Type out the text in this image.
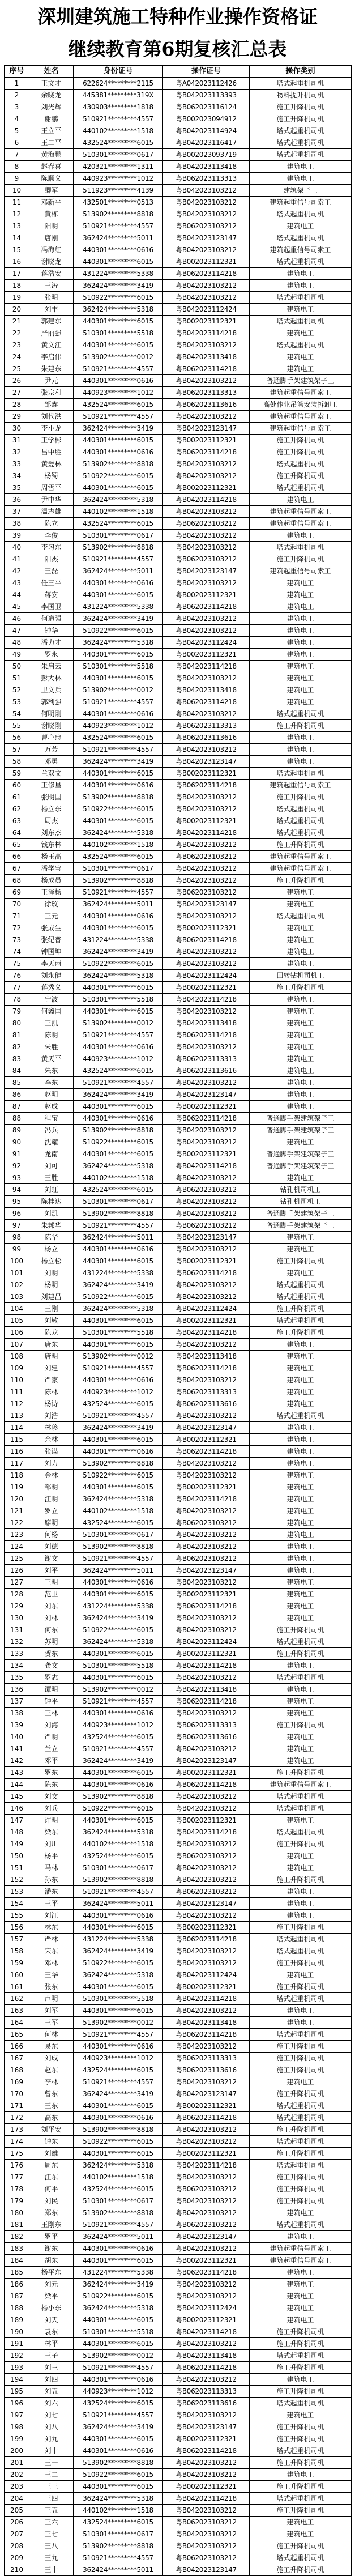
深圳建筑施工特种作业操作资格证
继续教育第6期复核汇总表
序号	姓名	身份证号	操作证号	操作类别
1	王文才	622624*********2115	粤A042023112426	塔式起重机司机
2	余晓龙	445381*********319X	粤B042023113393	物料提升机司机
3	刘光辉	430903*********1818	粤B062023116124	施工升降机司机
4	谢鹏	510921*********4557	粤B002023094912	施工升降机司机
5	王立平	440102*********1518	粤B042023114924	塔式起重机司机
6	王二平	432524*********6015	粤B042023116417	塔式起重机司机
7	黄海鹏	510301*********0617	粤B002023093719	塔式起重机司机
8	赵春喜	420321*********1311	粤B042023113418	建筑电工
9	陈顺义	440923*********1012	粤B062023113313	建筑电工
10	卿军	511923*********4139	粤B042023103212	建筑架子工
11	邓新平	432501*********0513	粤B042023103212	建筑起重信号司索工
12	黄栋	513902*********8818	粤B042023103212	塔式起重机司机
13	阳明	510921*********4557	粤B062023103212	建筑电工
14	唐刚	362424*********5011	粤B042023123147	塔式起重机司机
15	冯海红	440301*********0616	粤B042023103212	建筑起重信号司索工
16	谢晓龙	440301*********6015	粤B002023112321	塔式起重机司机
17	蒋浩安	431224*********5338	粤B062023114218	建筑电工
18	王涛	362424*********3419	粤B042023103212	建筑电工
19	张明	510922*********6015	粤B042023103212	塔式起重机司机
20	刘丰	362424*********5318	粤B042023112424	建筑电工
21	郭建东	440301*********6015	粤B002023112321	塔式起重机司机
22	严丽强	510301*********5518	粤B042023114218	建筑电工
23	黄文江	440301*********6015	粤B042023103212	塔式起重机司机
24	李启伟	513902*********0012	粤B042023113418	建筑电工
25	朱建东	510921*********4557	粤B062023114218	建筑电工
26	尹元	440301*********0616	粤B042023103212	普通脚手架建筑架子工
27	张宗利	440923*********1012	粤B062023113313	建筑起重信号司索工
28	邹鑫	432524*********6015	粤B062023113616	高处作业吊篮安装拆卸工
29	刘代洪	510921*********4557	粤B042023103212	建筑起重信号司索工
30	李小龙	362424*********3419	粤B042023123147	建筑起重信号司索工
31	王学彬	440301*********6015	粤B002023112321	施工升降机司机
32	吕中胜	440301*********0616	粤B062023114218	施工升降机司机
33	黄爱林	513902*********8818	粤B042023103212	塔式起重机司机
34	杨蜀	510922*********6015	粤B042023103212	施工升降机司机
35	周雪平	440301*********6015	粤B002023112321	塔式起重机司机
36	尹中华	362424*********5318	粤B042023114218	建筑电工
37	温志雄	440102*********1518	粤B042023103212	建筑起重信号司索工
38	陈立	432524*********6015	粤B062023103212	建筑起重信号司索工
39	李俊	510301*********0617	粤B042023103212	建筑电工
40	李习东	513902*********8818	粤B042023103212	塔式起重机司机
41	阳杰	510921*********4557	粤B062023103212	施工升降机司机
42	王磊	362424*********5011	粤B042023123147	建筑起重信号司索工
43	任三平	440301*********0616	粤B042023103212	建筑电工
44	蒋安	440301*********6015	粤B002023112321	建筑电工
45	李国卫	431224*********5338	粤B062023114218	建筑电工
46	何道强	362424*********3419	粤B042023103212	建筑电工
47	钟华	510922*********6015	粤B042023103212	建筑电工
48	潘力才	362424*********5318	粤B042023112424	建筑电工
49	罗永	440301*********6015	粤B002023112321	建筑电工
50	朱启云	510301*********5518	粤B042023114218	建筑电工
51	彭大林	440301*********6015	粤B042023103212	建筑电工
52	卫文兵	513902*********0012	粤B042023113418	建筑电工
53	郭利强	510921*********4557	粤B062023114218	建筑电工
54	何明刚	440301*********0616	粤B042023103212	塔式起重机司机
55	谢晓刚	440923*********1012	粤B062023113313	施工升降机司机
56	曹心忠	432524*********6015	粤B062023113616	建筑电工
57	万芳	510921*********4557	粤B042023103212	建筑电工
58	邓勇	362424*********3419	粤B042023123147	建筑电工
59	兰双文	440301*********6015	粤B002023112321	塔式起重机司机
60	王修星	440301*********0616	粤B062023114218	建筑起重信号司索工
61	张明国	513902*********8818	粤B042023103212	施工升降机司机
62	杨立东	510922*********6015	粤B042023103212	塔式起重机司机
63	周杰	440301*********6015	粤B002023112321	塔式起重机司机
64	刘东杰	362424*********5318	粤B042023114218	塔式起重机司机
65	钱东林	440102*********1518	粤B042023103212	施工升降机司机
66	杨玉高	432524*********6015	粤B062023103212	建筑起重信号司索工
67	潘学宝	510301*********0617	粤B042023103212	建筑起重信号司索工
68	杨成员	513902*********8818	粤B042023103212	施工升降机司机
69	王泽杨	510921*********4557	粤B062023103212	建筑电工
70	徐玟	362424*********5011	粤B042023123147	建筑电工
71	王元	440301*********0616	粤B042023103212	塔式起重机司机
72	张成生	440301*********6015	粤B002023112321	建筑电工
73	张纪普	431224*********5338	粤B062023114218	建筑电工
74	钟国坤	362424*********3419	粤B042023103212	建筑电工
75	李天雨	510922*********6015	粤B042023103212	建筑电工
76	刘永健	362424*********5318	粤B042023112424	回转钻机司机工
77	蒋秀义	440301*********6015	粤B002023112321	施工升降机司机
78	宁波	510301*********5518	粤B042023114218	建筑电工
79	何鑫国	440301*********6015	粤B042023103212	建筑电工
80	王凯	513902*********0012	粤B042023113418	建筑电工
81	陈明	510921*********4557	粤B062023114218	建筑电工
82	朱胜	440301*********0616	粤B042023103212	建筑电工
83	黄天平	440923*********1012	粤B062023113313	建筑电工
84	朱东	432524*********6015	粤B062023113616	建筑电工
85	李东	510921*********4557	粤B042023103212	建筑电工
86	赵明	362424*********3419	粤B042023123147	建筑电工
87	赵成	440301*********6015	粤B002023112321	建筑电工
88	程宝	440301*********0616	粤B062023114218	普通脚手架建筑架子工
89	冯兵	513902*********8818	粤B042023103212	普通脚手架建筑架子工
90	沈耀	510922*********6015	粤B042023103212	建筑电工
91	龙南	440301*********6015	粤B002023112321	普通脚手架建筑架子工
92	刘可	362424*********5318	粤B042023114218	普通脚手架建筑架子工
93	王胜	440102*********1518	粤B042023103212	建筑电工
94	刘虹	432524*********6015	粤B062023103212	钻孔机司机工
95	陈桂达	510301*********0617	粤B042023103212	钻孔机司机工
96	刘凯	513902*********8818	粤B042023103212	普通脚手架建筑架子工
97	朱邦华	510921*********4557	粤B062023103212	普通脚手架建筑架子工
98	陈华	362424*********5011	粤B042023123147	建筑电工
99	杨立	440301*********0616	粤B042023103212	建筑电工
100	杨立松	440301*********6015	粤B002023112321	施工升降机司机
101	刘明	431224*********5338	粤B062023114218	建筑电工
102	杨明	362424*********3419	粤B042023103212	塔式起重机司机
103	刘建昌	510922*********6015	粤B042023103212	塔式起重机司机
104	王刚	362424*********5318	粤B042023112424	施工升降机司机
105	刘敏	440301*********6015	粤B002023112321	塔式起重机司机
106	陈龙	510301*********5518	粤B042023114218	施工升降机司机
107	唐东	440301*********6015	粤B042023103212	建筑电工
108	唐明	513902*********0012	粤B042023113418	建筑电工
109	刘建	510921*********4557	粤B062023114218	建筑电工
110	严家	440301*********0616	粤B042023103212	建筑电工
111	陈林	440923*********1012	粤B062023113313	建筑电工
112	杨诗	432524*********6015	粤B062023113616	建筑电工
113	刘浩	510921*********4557	粤B042023103212	塔式起重机司机
114	林珍	362424*********3419	粤B042023123147	建筑电工
115	余林	440301*********6015	粤B002023112321	建筑电工
116	张谋	440301*********0616	粤B062023114218	建筑电工
117	刘力	513902*********8818	粤B042023103212	建筑电工
118	金林	510922*********6015	粤B042023103212	建筑电工
119	邹明	440301*********6015	粤B002023112321	建筑电工
120	江明	362424*********5318	粤B042023114218	建筑电工
121	罗立	440102*********1518	粤B042023103212	建筑电工
122	廖明	432524*********6015	粤B062023103212	建筑电工
123	何杨	510301*********0617	粤B042023103212	建筑电工
124	刘德	513902*********8818	粤B042023103212	建筑电工
125	谢文	510921*********4557	粤B062023103212	建筑电工
126	刘平	362424*********5011	粤B042023123147	建筑电工
127	王明	440301*********0616	粤B042023103212	建筑电工
128	范卫	440301*********6015	粤B002023112321	建筑电工
129	刘东	431224*********5338	粤B062023114218	建筑电工
130	刘林	362424*********3419	粤B042023103212	建筑电工
131	何东	510922*********6015	粤B042023103212	施工升降机司机
132	苏明	362424*********5318	粤B042023112424	塔式起重机司机
133	贺东	440301*********6015	粤B002023112321	施工升降机司机
134	龚文	510301*********5518	粤B042023114218	建筑电工
135	罗志	440301*********6015	粤B042023103212	塔式起重机司机
136	谭明	513902*********0012	粤B042023113418	建筑电工
137	钟平	510921*********4557	粤B062023114218	建筑电工
138	王林	440301*********0616	粤B042023103212	建筑电工
139	刘海	440923*********1012	粤B062023113313	施工升降机司机
140	严明	432524*********6015	粤B062023113616	建筑电工
141	兰立	510921*********4557	粤B042023103212	建筑电工
142	邓平	362424*********3419	粤B042023123147	建筑电工
143	罗东	440301*********6015	粤B002023112321	施工升降机司机
144	陈东	440301*********0616	粤B062023114218	建筑起重信号司索工
145	刘文	513902*********8818	粤B042023103212	塔式起重机司机
146	刘兵	510922*********6015	粤B042023103212	塔式起重机司机
147	许明	440301*********6015	粤B002023112321	建筑电工
148	梁东	362424*********5318	粤B042023114218	塔式起重机司机
149	刘川	440102*********1518	粤B042023103212	施工升降机司机
150	杨平	432524*********6015	粤B062023103212	建筑电工
151	马林	510301*********0617	粤B042023103212	建筑电工
152	孙东	513902*********8818	粤B042023103212	施工升降机司机
153	潘东	510921*********4557	粤B062023103212	建筑电工
154	王平	362424*********5011	粤B042023123147	建筑电工
155	刘江	440301*********0616	粤B042023103212	建筑电工
156	林东	440301*********6015	粤B002023112321	施工升降机司机
157	严林	431224*********5338	粤B062023114218	塔式起重机司机
158	宋东	362424*********3419	粤B042023103212	塔式起重机司机
159	邓林	510922*********6015	粤B042023103212	施工升降机司机
160	王华	362424*********5318	粤B042023112424	建筑电工
161	张东	440301*********6015	粤B002023112321	施工升降机司机
162	卢明	510301*********5518	粤B042023114218	塔式起重机司机
163	刘军	440301*********6015	粤B042023103212	建筑电工
164	王军	513902*********0012	粤B042023113418	建筑电工
165	何林	510921*********4557	粤B062023114218	塔式起重机司机
166	易东	440301*********0616	粤B042023103212	施工升降机司机
167	刘成	440923*********1012	粤B062023113313	施工升降机司机
168	赵东	432524*********6015	粤B062023113616	施工升降机司机
169	李林	510921*********4557	粤B042023103212	建筑电工
170	曾东	362424*********3419	粤B042023123147	施工升降机司机
171	王东	440301*********6015	粤B002023112321	塔式起重机司机
172	高东	440301*********0616	粤B062023114218	塔式起重机司机
173	刘平安	513902*********8818	粤B042023103212	施工升降机司机
174	钟东	510922*********6015	粤B042023103212	塔式起重机司机
175	刘雄	440301*********6015	粤B002023112321	施工升降机司机
176	周东	362424*********5318	粤B042023114218	塔式起重机司机
177	汪东	440102*********1518	粤B042023103212	施工升降机司机
178	何平	432524*********6015	粤B062023103212	施工升降机司机
179	刘民	510301*********0617	粤B042023103212	施工升降机司机
180	郑东	513902*********8818	粤B042023103212	建筑电工
181	王刚东	510921*********4557	粤B062023103212	塔式起重机司机
182	罗平	362424*********5011	粤B042023123147	建筑电工
183	谢东	440301*********0616	粤B042023103212	建筑起重信号司索工
184	胡东	440301*********6015	粤B002023112321	建筑起重信号司索工
185	杨平东	431224*********5338	粤B062023114218	建筑电工
186	刘元	362424*********3419	粤B042023103212	建筑电工
187	梁平	510922*********6015	粤B042023103212	建筑电工
188	杨小东	362424*********5318	粤B042023112424	建筑电工
189	刘天	440301*********6015	粤B002023112321	建筑电工
190	袁东	510301*********5518	粤B042023114218	施工升降机司机
191	林平	440301*********6015	粤B042023103212	施工升降机司机
192	王子	513902*********0012	粤B042023113418	塔式起重机司机
193	刘三	510921*********4557	粤B062023114218	施工升降机司机
194	刘四	440301*********0616	粤B042023103212	建筑电工
195	刘五	440923*********1012	粤B062023113313	施工升降机司机
196	刘六	432524*********6015	粤B062023113616	塔式起重机司机
197	刘七	510921*********4557	粤B042023103212	建筑电工
198	刘八	362424*********3419	粤B042023123147	施工升降机司机
199	刘九	440301*********6015	粤B002023112321	施工升降机司机
200	刘十	440301*********0616	粤B062023114218	塔式起重机司机
201	王一	513902*********8818	粤B042023103212	施工升降机司机
202	王二	510922*********6015	粤B042023103212	建筑电工
203	王三	440301*********6015	粤B002023112321	施工升降机司机
204	王四	362424*********5318	粤B042023114218	塔式起重机司机
205	王五	440102*********1518	粤B042023103212	施工升降机司机
206	王六	432524*********6015	粤B062023103212	建筑电工
207	王七	510301*********0617	粤B042023103212	建筑电工
208	王八	513902*********8818	粤B042023103212	施工升降机司机
209	王九	510921*********4557	粤B062023103212	塔式起重机司机
210	王十	362424*********5011	粤B042023123147	施工升降机司机
